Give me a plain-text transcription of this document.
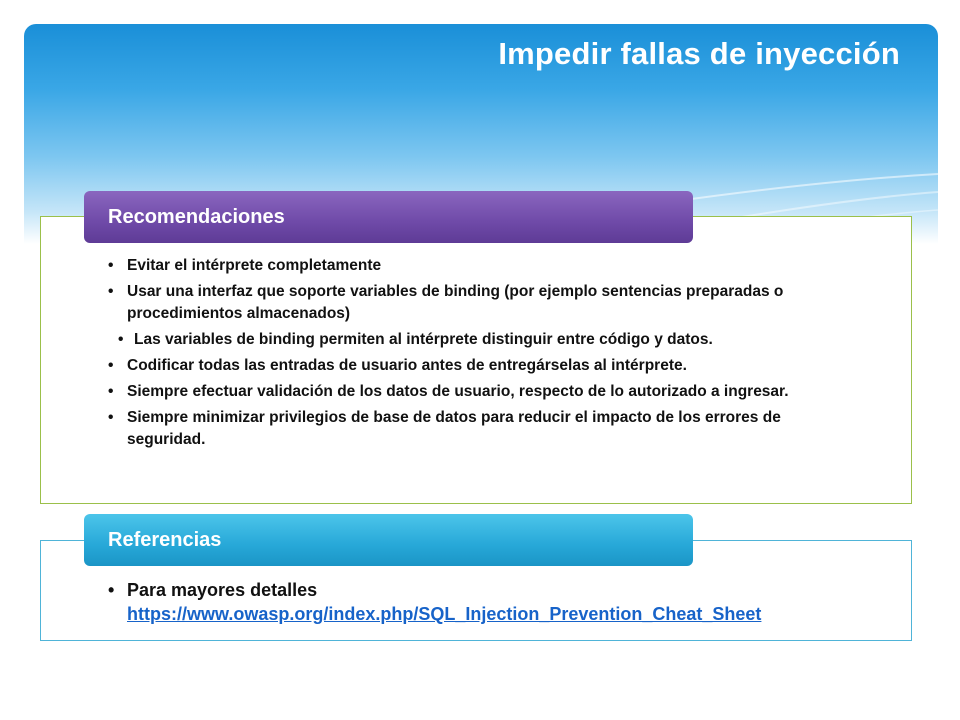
Impedir fallas de inyección
Recomendaciones
• Evitar el intérprete completamente
• Usar una interfaz que soporte variables de binding (por ejemplo sentencias preparadas o procedimientos almacenados)
• Las variables de binding permiten al intérprete distinguir entre código y datos.
• Codificar todas las entradas de usuario antes de entregárselas al intérprete.
• Siempre efectuar validación de los datos de usuario, respecto de lo autorizado a ingresar.
• Siempre minimizar privilegios de base de datos para reducir el impacto de los errores de seguridad.
Referencias
• Para mayores detalles
https://www.owasp.org/index.php/SQL_Injection_Prevention_Cheat_Sheet
